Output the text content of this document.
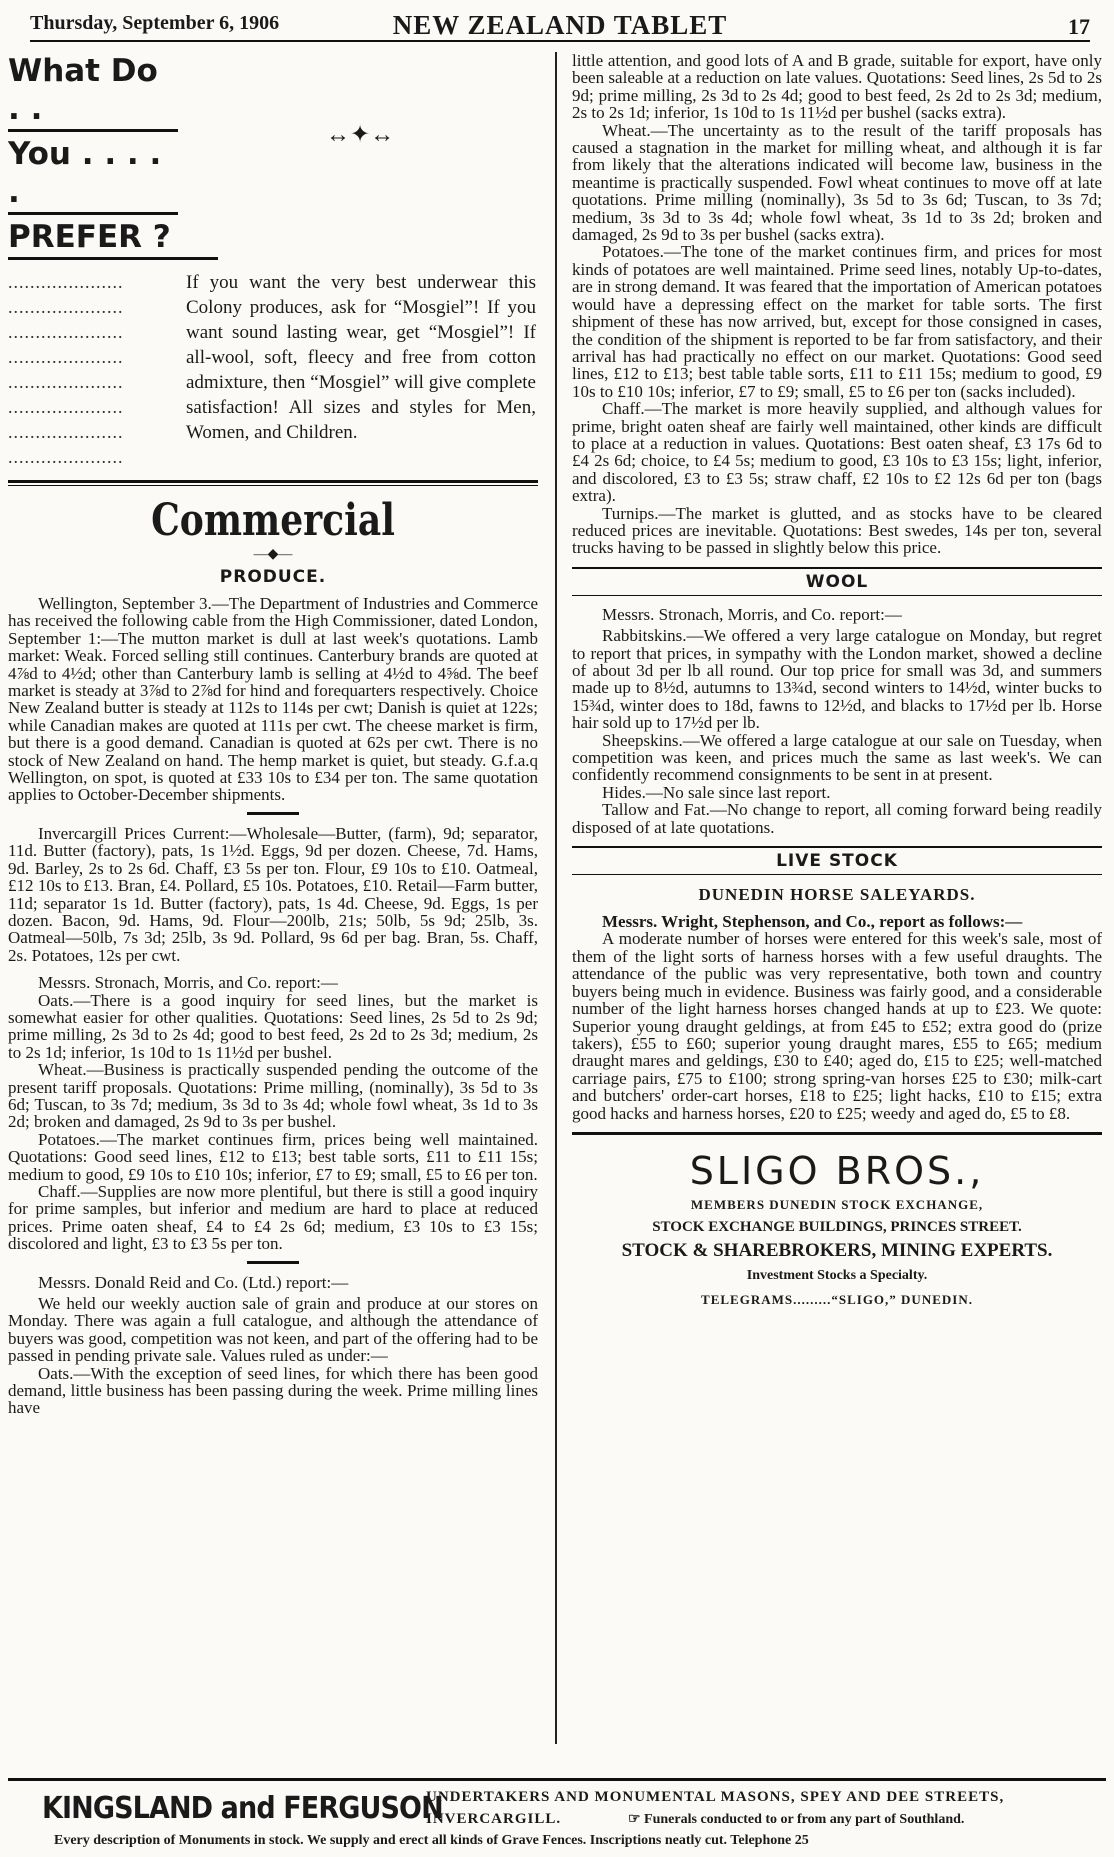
Thursday, September 6, 1906	NEW ZEALAND TABLET	17
What Do . .
You . . . . .
PREFER ?
↔✦↔
.....................
.....................
.....................
.....................
.....................
.....................
.....................
.....................

If you want the very best underwear this Colony produces, ask for “Mosgiel”! If you want sound lasting wear, get “Mosgiel”! If all-wool, soft, fleecy and free from cotton admixture, then “Mosgiel” will give complete satisfaction! All sizes and styles for Men, Women, and Children.

Commercial
—◆—
PRODUCE.

Wellington, September 3.—The Department of Industries and Commerce has received the following cable from the High Commissioner, dated London, September 1:—The mutton market is dull at last week's quotations. Lamb market: Weak. Forced selling still continues. Canterbury brands are quoted at 4⅞d to 4½d; other than Canterbury lamb is selling at 4½d to 4⅝d. The beef market is steady at 3⅞d to 2⅞d for hind and forequarters respectively. Choice New Zealand butter is steady at 112s to 114s per cwt; Danish is quiet at 122s; while Canadian makes are quoted at 111s per cwt. The cheese market is firm, but there is a good demand. Canadian is quoted at 62s per cwt. There is no stock of New Zealand on hand. The hemp market is quiet, but steady. G.f.a.q Wellington, on spot, is quoted at £33 10s to £34 per ton. The same quotation applies to October-December shipments.

Invercargill Prices Current:—Wholesale—Butter, (farm), 9d; separator, 11d. Butter (factory), pats, 1s 1½d. Eggs, 9d per dozen. Cheese, 7d. Hams, 9d. Barley, 2s to 2s 6d. Chaff, £3 5s per ton. Flour, £9 10s to £10. Oatmeal, £12 10s to £13. Bran, £4. Pollard, £5 10s. Potatoes, £10. Retail—Farm butter, 11d; separator 1s 1d. Butter (factory), pats, 1s 4d. Cheese, 9d. Eggs, 1s per dozen. Bacon, 9d. Hams, 9d. Flour—200lb, 21s; 50lb, 5s 9d; 25lb, 3s. Oatmeal—50lb, 7s 3d; 25lb, 3s 9d. Pollard, 9s 6d per bag. Bran, 5s. Chaff, 2s. Potatoes, 12s per cwt.

Messrs. Stronach, Morris, and Co. report:—

Oats.—There is a good inquiry for seed lines, but the market is somewhat easier for other qualities. Quotations: Seed lines, 2s 5d to 2s 9d; prime milling, 2s 3d to 2s 4d; good to best feed, 2s 2d to 2s 3d; medium, 2s to 2s 1d; inferior, 1s 10d to 1s 11½d per bushel.

Wheat.—Business is practically suspended pending the outcome of the present tariff proposals. Quotations: Prime milling, (nominally), 3s 5d to 3s 6d; Tuscan, to 3s 7d; medium, 3s 3d to 3s 4d; whole fowl wheat, 3s 1d to 3s 2d; broken and damaged, 2s 9d to 3s per bushel.

Potatoes.—The market continues firm, prices being well maintained. Quotations: Good seed lines, £12 to £13; best table sorts, £11 to £11 15s; medium to good, £9 10s to £10 10s; inferior, £7 to £9; small, £5 to £6 per ton.

Chaff.—Supplies are now more plentiful, but there is still a good inquiry for prime samples, but inferior and medium are hard to place at reduced prices. Prime oaten sheaf, £4 to £4 2s 6d; medium, £3 10s to £3 15s; discolored and light, £3 to £3 5s per ton.

Messrs. Donald Reid and Co. (Ltd.) report:—

We held our weekly auction sale of grain and produce at our stores on Monday. There was again a full catalogue, and although the attendance of buyers was good, competition was not keen, and part of the offering had to be passed in pending private sale. Values ruled as under:—

Oats.—With the exception of seed lines, for which there has been good demand, little business has been passing during the week. Prime milling lines have

little attention, and good lots of A and B grade, suitable for export, have only been saleable at a reduction on late values. Quotations: Seed lines, 2s 5d to 2s 9d; prime milling, 2s 3d to 2s 4d; good to best feed, 2s 2d to 2s 3d; medium, 2s to 2s 1d; inferior, 1s 10d to 1s 11½d per bushel (sacks extra).

Wheat.—The uncertainty as to the result of the tariff proposals has caused a stagnation in the market for milling wheat, and although it is far from likely that the alterations indicated will become law, business in the meantime is practically suspended. Fowl wheat continues to move off at late quotations. Prime milling (nominally), 3s 5d to 3s 6d; Tuscan, to 3s 7d; medium, 3s 3d to 3s 4d; whole fowl wheat, 3s 1d to 3s 2d; broken and damaged, 2s 9d to 3s per bushel (sacks extra).

Potatoes.—The tone of the market continues firm, and prices for most kinds of potatoes are well maintained. Prime seed lines, notably Up-to-dates, are in strong demand. It was feared that the importation of American potatoes would have a depressing effect on the market for table sorts. The first shipment of these has now arrived, but, except for those consigned in cases, the condition of the shipment is reported to be far from satisfactory, and their arrival has had practically no effect on our market. Quotations: Good seed lines, £12 to £13; best table table sorts, £11 to £11 15s; medium to good, £9 10s to £10 10s; inferior, £7 to £9; small, £5 to £6 per ton (sacks included).

Chaff.—The market is more heavily supplied, and although values for prime, bright oaten sheaf are fairly well maintained, other kinds are difficult to place at a reduction in values. Quotations: Best oaten sheaf, £3 17s 6d to £4 2s 6d; choice, to £4 5s; medium to good, £3 10s to £3 15s; light, inferior, and discolored, £3 to £3 5s; straw chaff, £2 10s to £2 12s 6d per ton (bags extra).

Turnips.—The market is glutted, and as stocks have to be cleared reduced prices are inevitable. Quotations: Best swedes, 14s per ton, several trucks having to be passed in slightly below this price.

WOOL

Messrs. Stronach, Morris, and Co. report:—

Rabbitskins.—We offered a very large catalogue on Monday, but regret to report that prices, in sympathy with the London market, showed a decline of about 3d per lb all round. Our top price for small was 3d, and summers made up to 8½d, autumns to 13¾d, second winters to 14½d, winter bucks to 15¾d, winter does to 18d, fawns to 12½d, and blacks to 17½d per lb. Horse hair sold up to 17½d per lb.

Sheepskins.—We offered a large catalogue at our sale on Tuesday, when competition was keen, and prices much the same as last week's. We can confidently recommend consignments to be sent in at present.

Hides.—No sale since last report.

Tallow and Fat.—No change to report, all coming forward being readily disposed of at late quotations.

LIVE STOCK
DUNEDIN HORSE SALEYARDS.

Messrs. Wright, Stephenson, and Co., report as follows:—

A moderate number of horses were entered for this week's sale, most of them of the light sorts of harness horses with a few useful draughts. The attendance of the public was very representative, both town and country buyers being much in evidence. Business was fairly good, and a considerable number of the light harness horses changed hands at up to £23. We quote: Superior young draught geldings, at from £45 to £52; extra good do (prize takers), £55 to £60; superior young draught mares, £55 to £65; medium draught mares and geldings, £30 to £40; aged do, £15 to £25; well-matched carriage pairs, £75 to £100; strong spring-van horses £25 to £30; milk-cart and butchers' order-cart horses, £18 to £25; light hacks, £10 to £15; extra good hacks and harness horses, £20 to £25; weedy and aged do, £5 to £8.

SLIGO BROS.,
MEMBERS DUNEDIN STOCK EXCHANGE,
STOCK EXCHANGE BUILDINGS, PRINCES STREET.
STOCK & SHAREBROKERS, MINING EXPERTS.
Investment Stocks a Specialty.
TELEGRAMS.........“SLIGO,” DUNEDIN.
KINGSLAND and FERGUSON
UNDERTAKERS AND MONUMENTAL MASONS, SPEY AND DEE STREETS,
INVERCARGILL.	☞ Funerals conducted to or from any part of Southland.
Every description of Monuments in stock. We supply and erect all kinds of Grave Fences. Inscriptions neatly cut. Telephone 25
